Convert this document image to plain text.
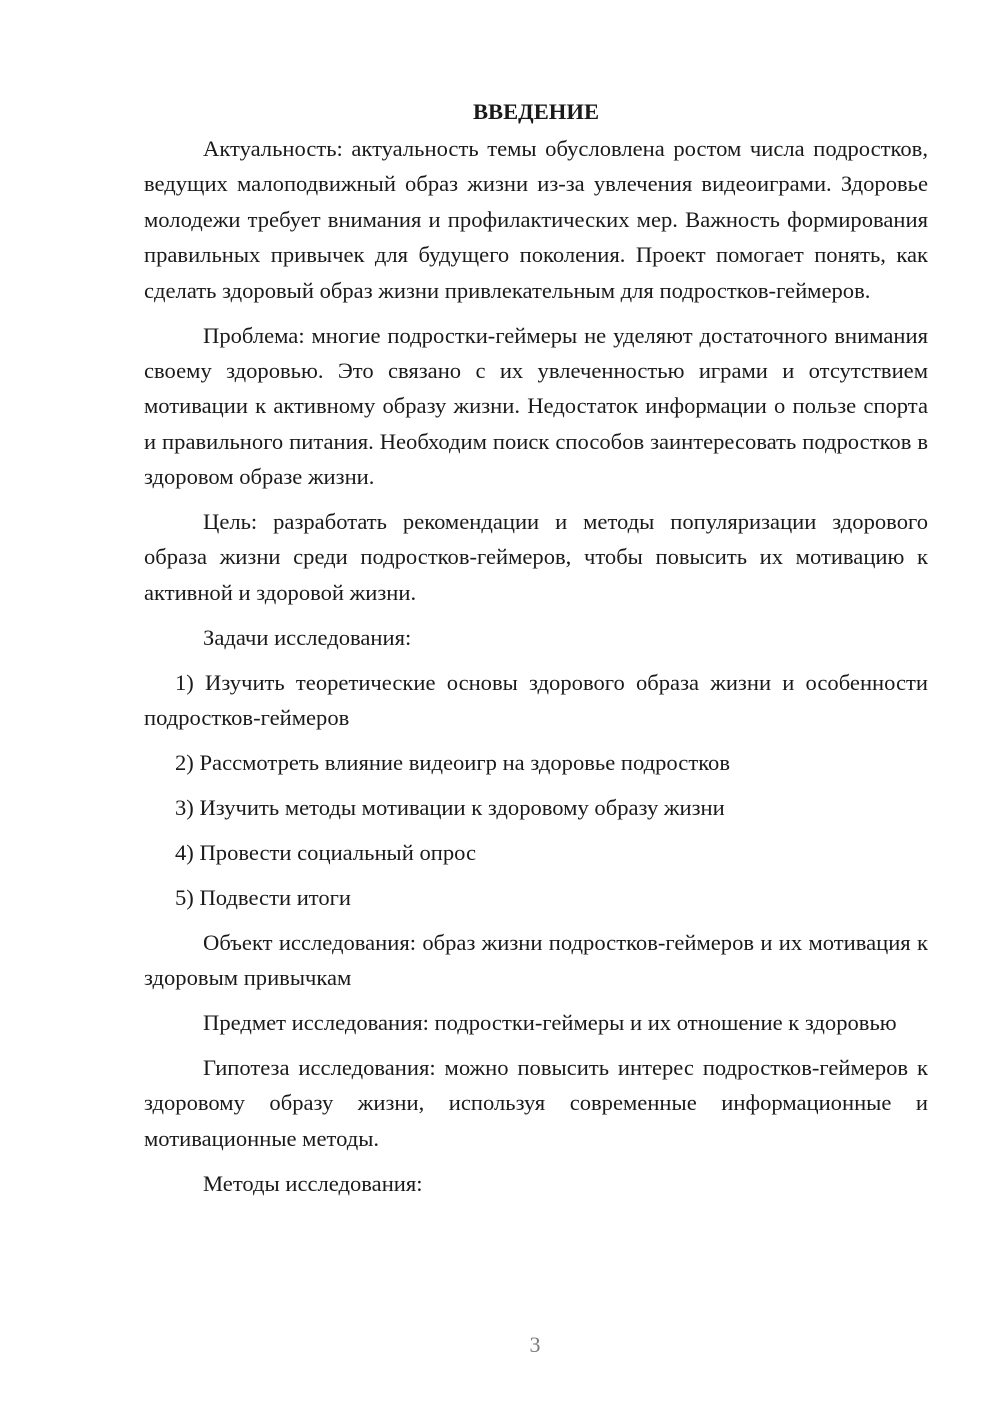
ВВЕДЕНИЕ

Актуальность: актуальность темы обусловлена ростом числа подростков, ведущих малоподвижный образ жизни из-за увлечения видеоиграми. Здоровье молодежи требует внимания и профилактических мер. Важность формирования правильных привычек для будущего поколения. Проект помогает понять, как сделать здоровый образ жизни привлекательным для подростков-геймеров.

Проблема: многие подростки-геймеры не уделяют достаточного внимания своему здоровью. Это связано с их увлеченностью играми и отсутствием мотивации к активному образу жизни. Недостаток информации о пользе спорта и правильного питания. Необходим поиск способов заинтересовать подростков в здоровом образе жизни.

Цель: разработать рекомендации и методы популяризации здорового образа жизни среди подростков-геймеров, чтобы повысить их мотивацию к активной и здоровой жизни.

Задачи исследования:

1) Изучить теоретические основы здорового образа жизни и особенности подростков-геймеров

2) Рассмотреть влияние видеоигр на здоровье подростков

3) Изучить методы мотивации к здоровому образу жизни

4) Провести социальный опрос

5) Подвести итоги

Объект исследования: образ жизни подростков-геймеров и их мотивация к здоровым привычкам

Предмет исследования: подростки-геймеры и их отношение к здоровью

Гипотеза исследования: можно повысить интерес подростков-геймеров к здоровому образу жизни, используя современные информационные и мотивационные методы.

Методы исследования:

3
